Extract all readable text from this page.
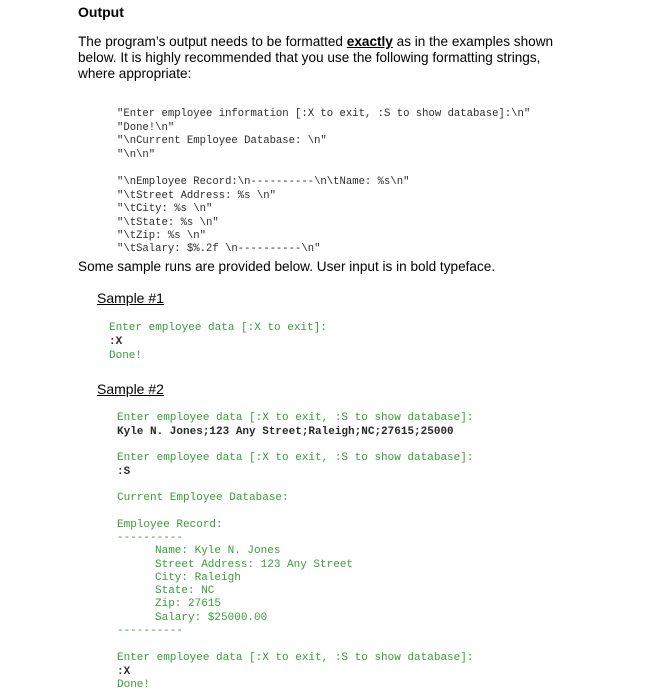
Output
The program’s output needs to be formatted exactly as in the examples shown below. It is highly recommended that you use the following formatting strings, where appropriate:

"Enter employee information [:X to exit, :S to show database]:\n"
"Done!\n"
"\nCurrent Employee Database: \n"
"\n\n"

"\nEmployee Record:\n----------\n\tName: %s\n"
"\tStreet Address: %s \n"
"\tCity: %s \n"
"\tState: %s \n"
"\tZip: %s \n"
"\tSalary: $%.2f \n----------\n"

Some sample runs are provided below. User input is in bold typeface.
Sample #1
Enter employee data [:X to exit]:
:X
Done!
Sample #2
Enter employee data [:X to exit, :S to show database]:
Kyle N. Jones;123 Any Street;Raleigh;NC;27615;25000
Enter employee data [:X to exit, :S to show database]:
:S
Current Employee Database:
Employee Record:
----------
Name: Kyle N. Jones
Street Address: 123 Any Street
City: Raleigh
State: NC
Zip: 27615
Salary: $25000.00
----------
Enter employee data [:X to exit, :S to show database]:
:X
Done!
